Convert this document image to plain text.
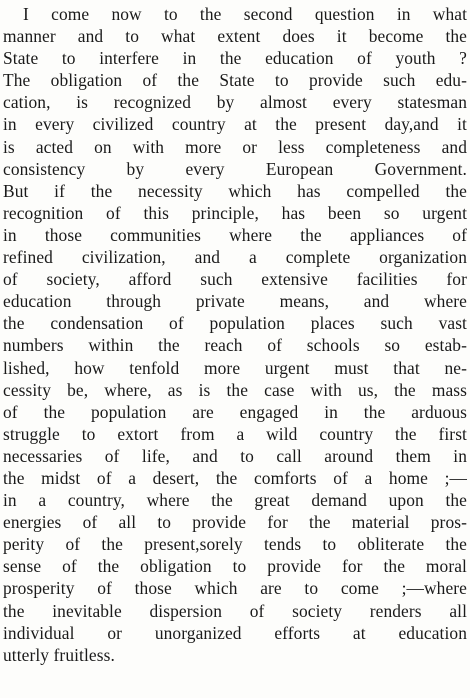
I come now to the second question in what
manner and to what extent does it become the
State to interfere in the education of youth ?
The obligation of the State to provide such edu-
cation, is recognized by almost every statesman
in every civilized country at the present day,and it
is acted on with more or less completeness and
consistency by every European Government.
But if the necessity which has compelled the
recognition of this principle, has been so urgent
in those communities where the appliances of
refined civilization, and a complete organization
of society, afford such extensive facilities for
education through private means, and where
the condensation of population places such vast
numbers within the reach of schools so estab-
lished, how tenfold more urgent must that ne-
cessity be, where, as is the case with us, the mass
of the population are engaged in the arduous
struggle to extort from a wild country the first
necessaries of life, and to call around them in
the midst of a desert, the comforts of a home ;—
in a country, where the great demand upon the
energies of all to provide for the material pros-
perity of the present,sorely tends to obliterate the
sense of the obligation to provide for the moral
prosperity of those which are to come ;—where
the inevitable dispersion of society renders all
individual or unorganized efforts at education
utterly fruitless.
